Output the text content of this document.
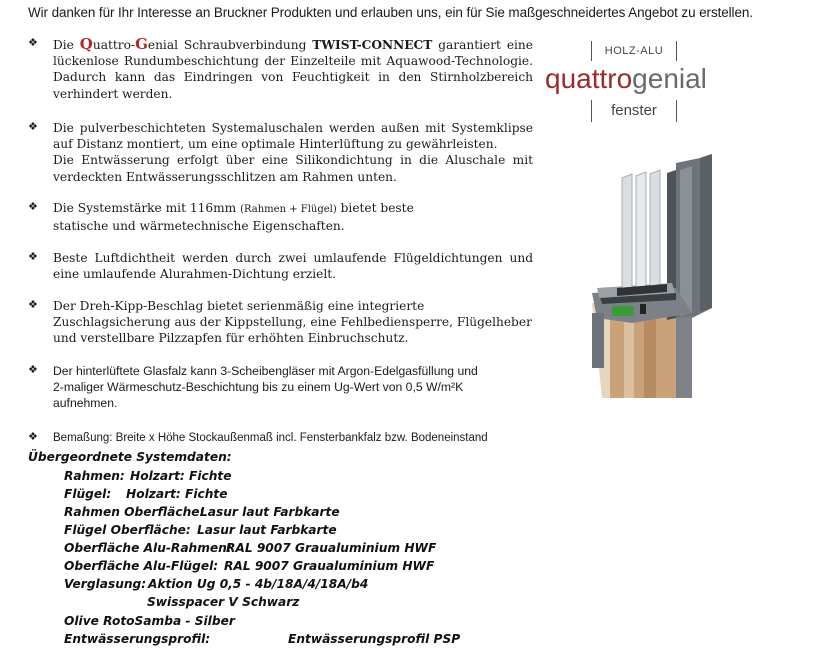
Wir danken für Ihr Interesse an Bruckner Produkten und erlauben uns, ein für Sie maßgeschneidertes Angebot zu erstellen.
❖	Die Quattro-Genial Schraubverbindung TWIST-CONNECT garantiert eine lückenlose Rundumbeschichtung der Einzelteile mit Aquawood-Technologie. Dadurch kann das Eindringen von Feuchtigkeit in den Stirnholzbereich verhindert werden.
❖	Die pulverbeschichteten Systemaluschalen werden außen mit Systemklipse auf Distanz montiert, um eine optimale Hinterlüftung zu gewährleisten.
Die Entwässerung erfolgt über eine Silikondichtung in die Aluschale mit verdeckten Entwässerungsschlitzen am Rahmen unten.
❖	Die Systemstärke mit 116mm (Rahmen + Flügel) bietet beste statische und wärmetechnische Eigenschaften.
❖	Beste Luftdichtheit werden durch zwei umlaufende Flügeldichtungen und eine umlaufende Alurahmen-Dichtung erzielt.
❖	Der Dreh-Kipp-Beschlag bietet serienmäßig eine integrierte Zuschlagsicherung aus der Kippstellung, eine Fehlbediensperre, Flügelheber und verstellbare Pilzzapfen für erhöhten Einbruchschutz.
❖	Der hinterlüftete Glasfalz kann 3-Scheibengläser mit Argon-Edelgasfüllung und
2-maliger Wärmeschutz-Beschichtung bis zu einem Ug-Wert von 0,5 W/m²K
aufnehmen.
❖	Bemaßung: Breite x Höhe Stockaußenmaß incl. Fensterbankfalz bzw. Bodeneinstand
Übergeordnete Systemdaten:
Rahmen: Holzart: Fichte
Flügel: Holzart: Fichte
Rahmen Oberfläche:
Lasur laut Farbkarte
Flügel Oberfläche: Lasur laut Farbkarte
Oberfläche Alu-Rahmen:
RAL 9007 Graualuminium HWF
Oberfläche Alu-Flügel: RAL 9007 Graualuminium HWF
Verglasung: Aktion Ug 0,5 - 4b/18A/4/18A/b4
Swisspacer V Schwarz
Olive RotoSamba - Silber
Entwässerungsprofil:	Entwässerungsprofil PSP
HOLZ-ALU
quattrogenial
fenster
